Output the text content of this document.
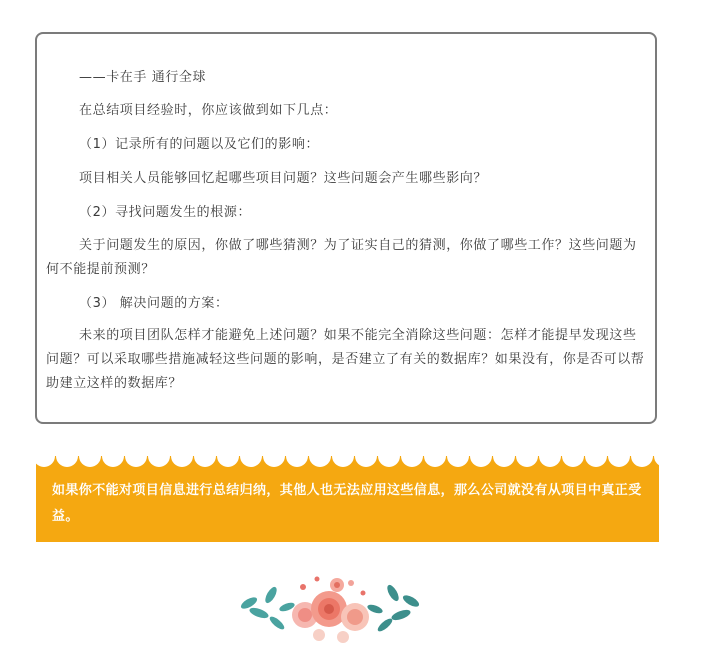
——卡在手 通行全球

在总结项目经验时，你应该做到如下几点：

（1）记录所有的问题以及它们的影响：

项目相关人员能够回忆起哪些项目问题？这些问题会产生哪些影向？

（2）寻找问题发生的根源：

关于问题发生的原因，你做了哪些猜测？为了证实自己的猜测，你做了哪些工作？这些问题为何不能提前预测？

（3） 解决问题的方案：

未来的项目团队怎样才能避免上述问题？如果不能完全消除这些问题：怎样才能提早发现这些问题？可以采取哪些措施减轻这些问题的影响，是否建立了有关的数据库？如果没有，你是否可以帮助建立这样的数据库？

如果你不能对项目信息进行总结归纳，其他人也无法应用这些信息，那么公司就没有从项目中真正受益。
